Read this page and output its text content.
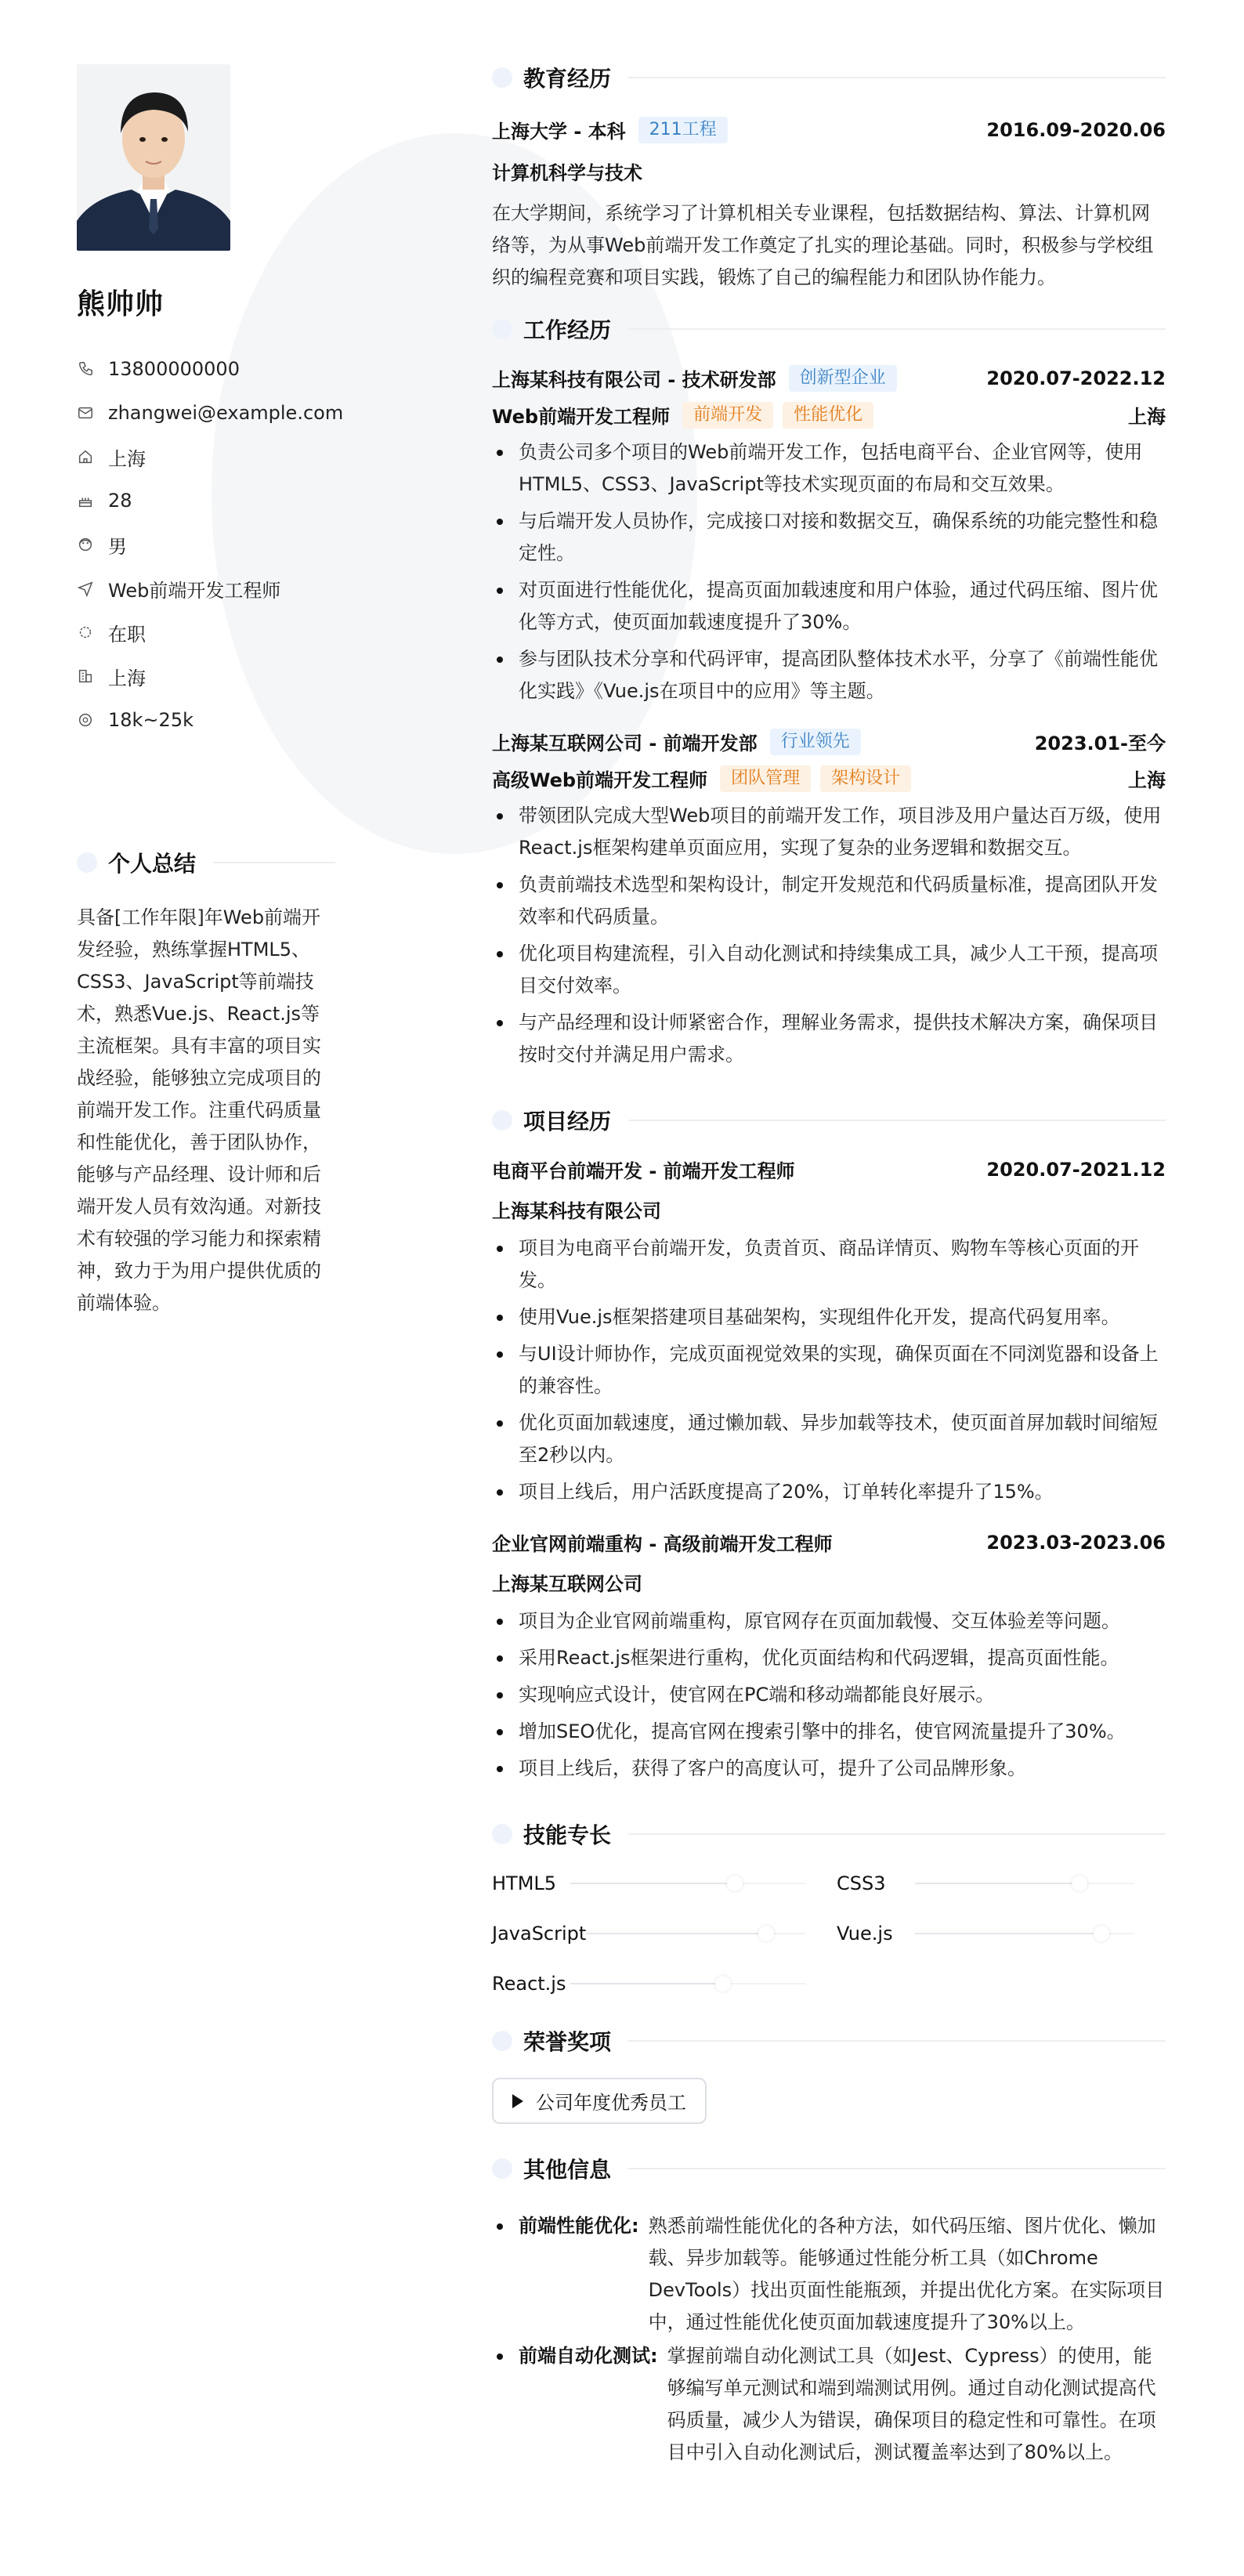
熊帅帅
13800000000
zhangwei@example.com
上海
28
男
Web前端开发工程师
在职
上海
18k~25k
个人总结
具备[工作年限]年Web前端开发经验，熟练掌握HTML5、CSS3、JavaScript等前端技术，熟悉Vue.js、React.js等主流框架。具有丰富的项目实战经验，能够独立完成项目的前端开发工作。注重代码质量和性能优化，善于团队协作，能够与产品经理、设计师和后端开发人员有效沟通。对新技术有较强的学习能力和探索精神，致力于为用户提供优质的前端体验。
教育经历
上海大学 - 本科	211工程	2016.09-2020.06
计算机科学与技术
在大学期间，系统学习了计算机相关专业课程，包括数据结构、算法、计算机网络等，为从事Web前端开发工作奠定了扎实的理论基础。同时，积极参与学校组织的编程竞赛和项目实践，锻炼了自己的编程能力和团队协作能力。
工作经历
上海某科技有限公司 - 技术研发部	创新型企业	2020.07-2022.12
Web前端开发工程师	前端开发	性能优化	上海
负责公司多个项目的Web前端开发工作，包括电商平台、企业官网等，使用HTML5、CSS3、JavaScript等技术实现页面的布局和交互效果。
与后端开发人员协作，完成接口对接和数据交互，确保系统的功能完整性和稳定性。
对页面进行性能优化，提高页面加载速度和用户体验，通过代码压缩、图片优化等方式，使页面加载速度提升了30%。
参与团队技术分享和代码评审，提高团队整体技术水平，分享了《前端性能优化实践》《Vue.js在项目中的应用》等主题。
上海某互联网公司 - 前端开发部	行业领先	2023.01-至今
高级Web前端开发工程师	团队管理	架构设计	上海
带领团队完成大型Web项目的前端开发工作，项目涉及用户量达百万级，使用React.js框架构建单页面应用，实现了复杂的业务逻辑和数据交互。
负责前端技术选型和架构设计，制定开发规范和代码质量标准，提高团队开发效率和代码质量。
优化项目构建流程，引入自动化测试和持续集成工具，减少人工干预，提高项目交付效率。
与产品经理和设计师紧密合作，理解业务需求，提供技术解决方案，确保项目按时交付并满足用户需求。
项目经历
电商平台前端开发 - 前端开发工程师	2020.07-2021.12
上海某科技有限公司
项目为电商平台前端开发，负责首页、商品详情页、购物车等核心页面的开发。
使用Vue.js框架搭建项目基础架构，实现组件化开发，提高代码复用率。
与UI设计师协作，完成页面视觉效果的实现，确保页面在不同浏览器和设备上的兼容性。
优化页面加载速度，通过懒加载、异步加载等技术，使页面首屏加载时间缩短至2秒以内。
项目上线后，用户活跃度提高了20%，订单转化率提升了15%。
企业官网前端重构 - 高级前端开发工程师	2023.03-2023.06
上海某互联网公司
项目为企业官网前端重构，原官网存在页面加载慢、交互体验差等问题。
采用React.js框架进行重构，优化页面结构和代码逻辑，提高页面性能。
实现响应式设计，使官网在PC端和移动端都能良好展示。
增加SEO优化，提高官网在搜索引擎中的排名，使官网流量提升了30%。
项目上线后，获得了客户的高度认可，提升了公司品牌形象。
技能专长
HTML5	CSS3
JavaScript	Vue.js
React.js
荣誉奖项
公司年度优秀员工
其他信息
前端性能优化: 熟悉前端性能优化的各种方法，如代码压缩、图片优化、懒加载、异步加载等。能够通过性能分析工具（如Chrome DevTools）找出页面性能瓶颈，并提出优化方案。在实际项目中，通过性能优化使页面加载速度提升了30%以上。
前端自动化测试: 掌握前端自动化测试工具（如Jest、Cypress）的使用，能够编写单元测试和端到端测试用例。通过自动化测试提高代码质量，减少人为错误，确保项目的稳定性和可靠性。在项目中引入自动化测试后，测试覆盖率达到了80%以上。
